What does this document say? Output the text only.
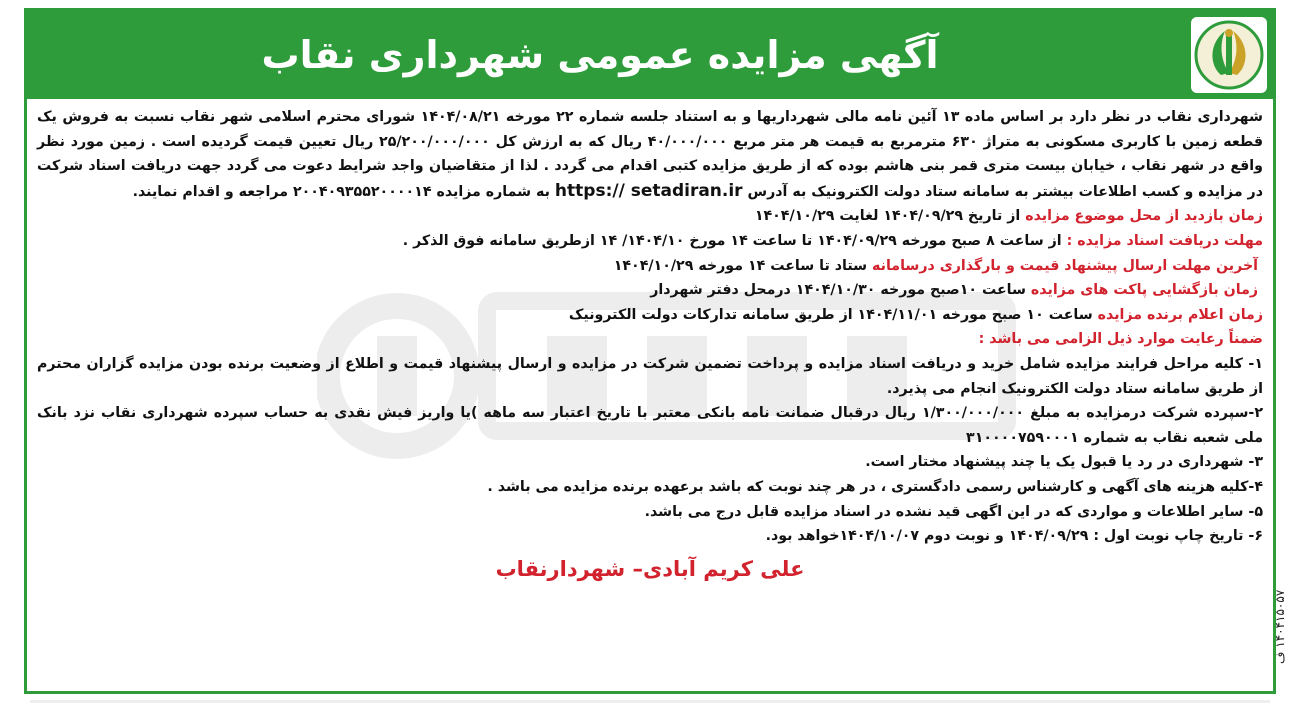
آگهی مزایده عمومی شهرداری نقاب

شهرداری نقاب در نظر دارد بر اساس ماده ۱۳ آئین نامه مالی شهرداریها و به استناد جلسه شماره ۲۲ مورخه ۱۴۰۴/۰۸/۲۱ شورای محترم اسلامی شهر نقاب نسبت به فروش یک قطعه زمین با کاربری مسکونی به متراژ ۶۳۰ مترمربع به قیمت هر متر مربع ۴۰/۰۰۰/۰۰۰ ریال که به ارزش کل ۲۵/۲۰۰/۰۰۰/۰۰۰ ریال تعیین قیمت گردیده است . زمین مورد نظر واقع در شهر نقاب ، خیابان بیست متری قمر بنی هاشم بوده که از طریق مزایده کتبی اقدام می گردد . لذا از متقاضیان واجد شرایط دعوت می گردد جهت دریافت اسناد شرکت در مزایده و کسب اطلاعات بیشتر به سامانه ستاد دولت الکترونیک به آدرس https:// setadiran.ir به شماره مزایده ۲۰۰۴۰۹۳۵۵۲۰۰۰۰۱۴ مراجعه و اقدام نمایند.

زمان بازدید از محل موضوع مزایده از تاریخ ۱۴۰۴/۰۹/۲۹ لغایت ۱۴۰۴/۱۰/۲۹

مهلت دریافت اسناد مزایده : از ساعت ۸ صبح مورخه ۱۴۰۴/۰۹/۲۹ تا ساعت ۱۴ مورخ ۱۴۰۴/۱۰/ ۱۴ ازطریق سامانه فوق الذکر .

آخرین مهلت ارسال پیشنهاد قیمت و بارگذاری درسامانه ستاد تا ساعت ۱۴ مورخه ۱۴۰۴/۱۰/۲۹

زمان بازگشایی پاکت های مزایده ساعت ۱۰صبح مورخه ۱۴۰۴/۱۰/۳۰ درمحل دفتر شهردار

زمان اعلام برنده مزایده ساعت ۱۰ صبح مورخه ۱۴۰۴/۱۱/۰۱ از طریق سامانه تدارکات دولت الکترونیک

ضمناً رعایت موارد ذیل الزامی می باشد :

۱- کلیه مراحل فرایند مزایده شامل خرید و دریافت اسناد مزایده و پرداخت تضمین شرکت در مزایده و ارسال پیشنهاد قیمت و اطلاع از وضعیت برنده بودن مزایده گزاران محترم از طریق سامانه ستاد دولت الکترونیک انجام می پذیرد.

۲-سپرده شرکت درمزایده به مبلغ ۱/۳۰۰/۰۰۰/۰۰۰ ریال درقبال ضمانت نامه بانکی معتبر با تاریخ اعتبار سه ماهه )یا واریز فیش نقدی به حساب سپرده شهرداری نقاب نزد بانک ملی شعبه نقاب به شماره ۳۱۰۰۰۰۷۵۹۰۰۰۱

۳- شهرداری در رد یا قبول یک یا چند پیشنهاد مختار است.

۴-کلیه هزینه های آگهی و کارشناس رسمی دادگستری ، در هر چند نوبت که باشد برعهده برنده مزایده می باشد .

۵- سایر اطلاعات و مواردی که در این اگهی قید نشده در اسناد مزایده قابل درج می باشد.

۶- تاریخ چاپ نوبت اول : ۱۴۰۴/۰۹/۲۹ و نوبت دوم ۱۴۰۴/۱۰/۰۷خواهد بود.

علی کریم آبادی– شهردارنقاب
۱۴۰۴۱۵۰۵۷ ف
